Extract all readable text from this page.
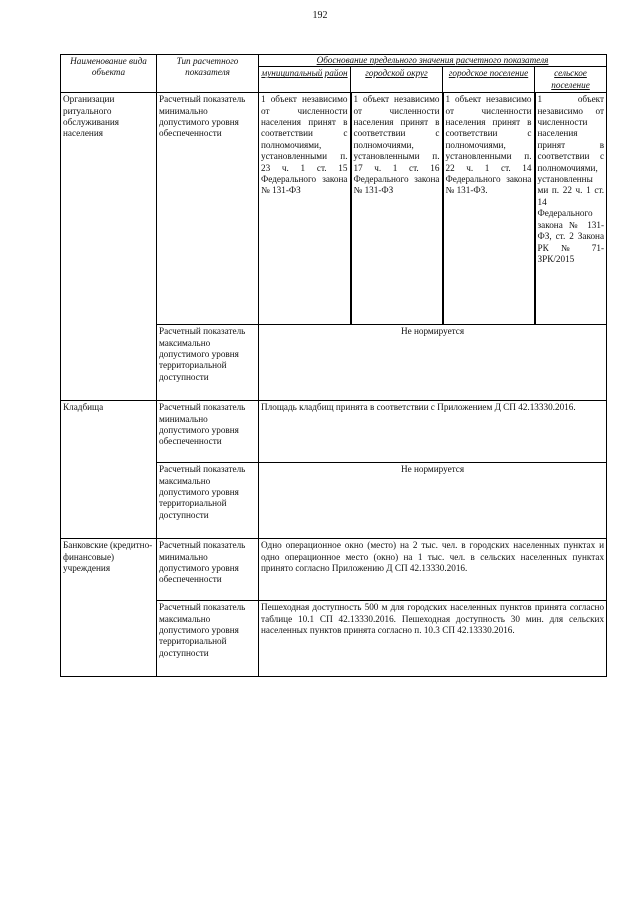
192
Наименование вида объекта	Тип расчетного показателя	Обоснование предельного значения расчетного показателя			
		муниципальный район	городской округ	городское поселение	сельское поселение
Организации ритуального обслуживания населения	Расчетный показатель минимально допустимого уровня обеспеченности	1 объект независимо от численности населения принят в соответствии с полномочиями, установленными п. 23 ч. 1 ст. 15 Федерального закона № 131-ФЗ	1 объект независимо от численности населения принят в соответствии с полномочиями, установленными п. 17 ч. 1 ст. 16 Федерального закона № 131-ФЗ	1 объект независимо от численности населения принят в соответствии с полномочиями, установленными п. 22 ч. 1 ст. 14 Федерального закона № 131-ФЗ.	1 объект независимо от численности населения принят в соответствии с полномочиями, установленны ми п. 22 ч. 1 ст. 14 Федерального закона № 131-ФЗ, ст. 2 Закона РК № 71-ЗРК/2015
	Расчетный показатель максимально допустимого уровня территориальной доступности	Не нормируется			
Кладбища	Расчетный показатель минимально допустимого уровня обеспеченности	Площадь кладбищ принята в соответствии с Приложением Д СП 42.13330.2016.			
	Расчетный показатель максимально допустимого уровня территориальной доступности	Не нормируется			
Банковские (кредитно-финансовые) учреждения	Расчетный показатель минимально допустимого уровня обеспеченности	Одно операционное окно (место) на 2 тыс. чел. в городских населенных пунктах и одно операционное место (окно) на 1 тыс. чел. в сельских населенных пунктах принято согласно Приложению Д СП 42.13330.2016.			
	Расчетный показатель максимально допустимого уровня территориальной доступности	Пешеходная доступность 500 м для городских населенных пунктов принята согласно таблице 10.1 СП 42.13330.2016. Пешеходная доступность 30 мин. для сельских населенных пунктов принята согласно п. 10.3 СП 42.13330.2016.			
